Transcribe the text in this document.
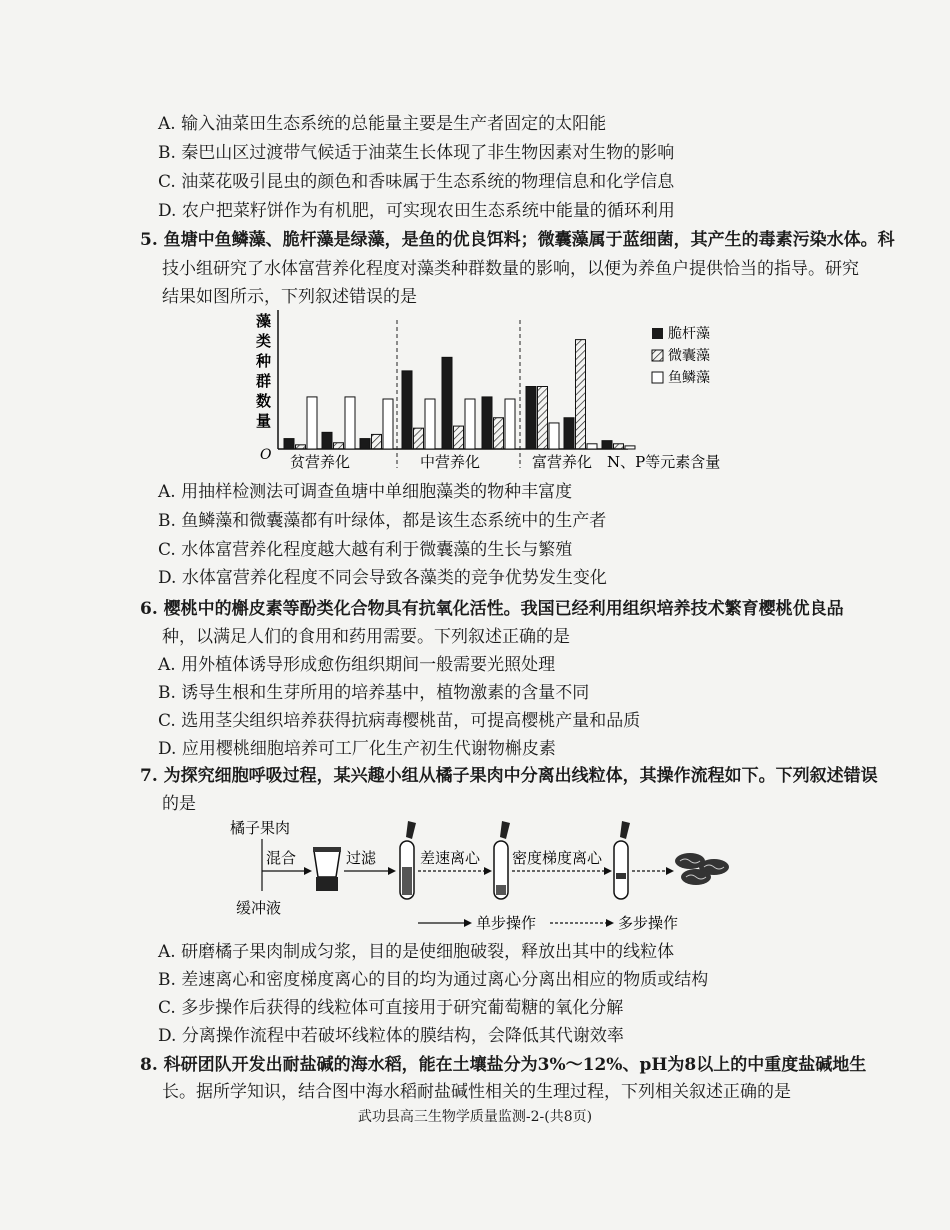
A. 输入油菜田生态系统的总能量主要是生产者固定的太阳能
B. 秦巴山区过渡带气候适于油菜生长体现了非生物因素对生物的影响
C. 油菜花吸引昆虫的颜色和香味属于生态系统的物理信息和化学信息
D. 农户把菜籽饼作为有机肥，可实现农田生态系统中能量的循环利用
5. 鱼塘中鱼鳞藻、脆杆藻是绿藻，是鱼的优良饵料；微囊藻属于蓝细菌，其产生的毒素污染水体。科
技小组研究了水体富营养化程度对藻类种群数量的影响，以便为养鱼户提供恰当的指导。研究
结果如图所示，下列叙述错误的是
藻类种群数量
O 贫营养化	中营养化	富营养化 N、P等元素含量
脆杆藻
微囊藻
鱼鳞藻
A. 用抽样检测法可调查鱼塘中单细胞藻类的物种丰富度
B. 鱼鳞藻和微囊藻都有叶绿体，都是该生态系统中的生产者
C. 水体富营养化程度越大越有利于微囊藻的生长与繁殖
D. 水体富营养化程度不同会导致各藻类的竞争优势发生变化
6. 樱桃中的槲皮素等酚类化合物具有抗氧化活性。我国已经利用组织培养技术繁育樱桃优良品
种，以满足人们的食用和药用需要。下列叙述正确的是
A. 用外植体诱导形成愈伤组织期间一般需要光照处理
B. 诱导生根和生芽所用的培养基中，植物激素的含量不同
C. 选用茎尖组织培养获得抗病毒樱桃苗，可提高樱桃产量和品质
D. 应用樱桃细胞培养可工厂化生产初生代谢物槲皮素
7. 为探究细胞呼吸过程，某兴趣小组从橘子果肉中分离出线粒体，其操作流程如下。下列叙述错误
的是
橘子果肉
混合
缓冲液
过滤	差速离心 密度梯度离心
单步操作	多步操作
A. 研磨橘子果肉制成匀浆，目的是使细胞破裂，释放出其中的线粒体
B. 差速离心和密度梯度离心的目的均为通过离心分离出相应的物质或结构
C. 多步操作后获得的线粒体可直接用于研究葡萄糖的氧化分解
D. 分离操作流程中若破坏线粒体的膜结构，会降低其代谢效率
8. 科研团队开发出耐盐碱的海水稻，能在土壤盐分为3%～12%、pH为8以上的中重度盐碱地生
长。据所学知识，结合图中海水稻耐盐碱性相关的生理过程，下列相关叙述正确的是
武功县高三生物学质量监测-2-(共8页)
